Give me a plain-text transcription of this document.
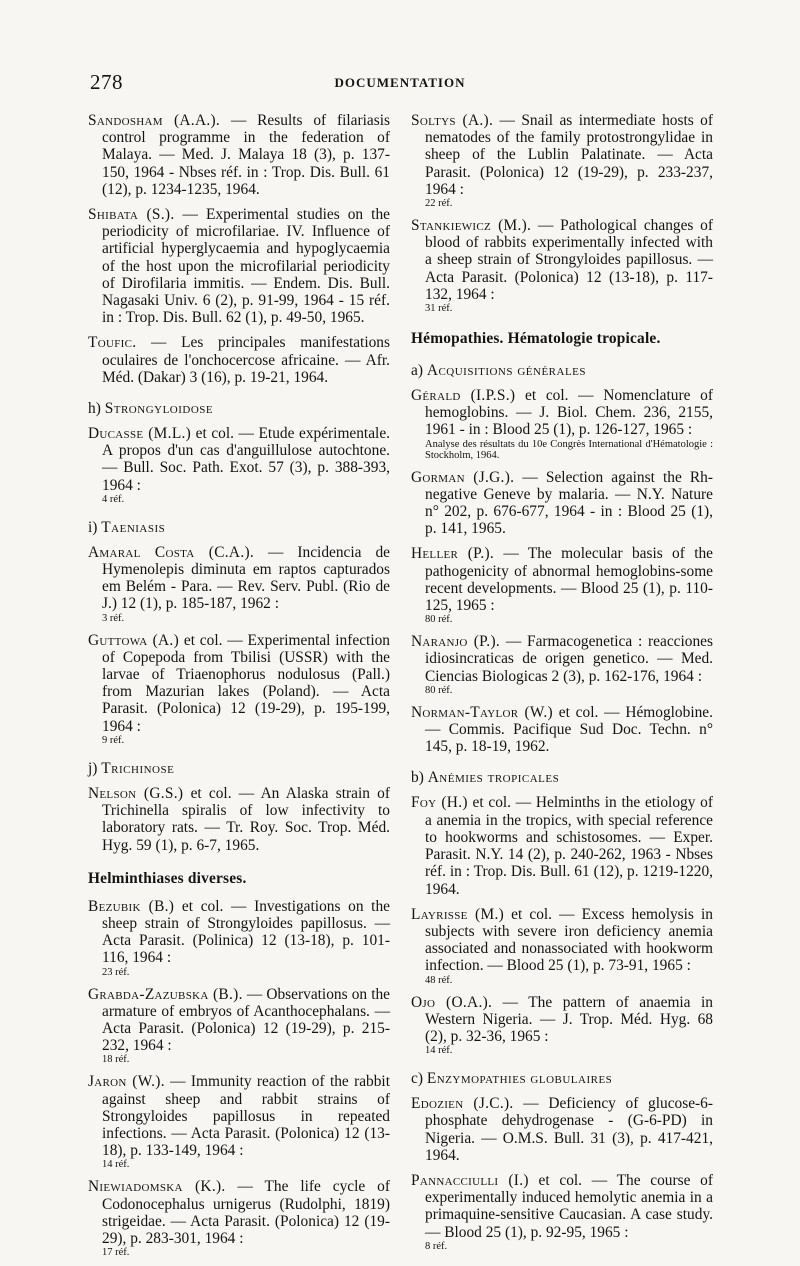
278	DOCUMENTATION
Sandosham (A.A.). — Results of filariasis control programme in the federation of Malaya. — Med. J. Malaya 18 (3), p. 137-150, 1964 - Nbses réf. in : Trop. Dis. Bull. 61 (12), p. 1234-1235, 1964.
Shibata (S.). — Experimental studies on the periodicity of microfilariae. IV. Influence of artificial hyperglycaemia and hypoglycaemia of the host upon the microfilarial periodicity of Dirofilaria immitis. — Endem. Dis. Bull. Nagasaki Univ. 6 (2), p. 91-99, 1964 - 15 réf. in : Trop. Dis. Bull. 62 (1), p. 49-50, 1965.
Toufic. — Les principales manifestations oculaires de l'onchocercose africaine. — Afr. Méd. (Dakar) 3 (16), p. 19-21, 1964.
h) Strongyloidose
Ducasse (M.L.) et col. — Etude expérimentale. A propos d'un cas d'anguillulose autochtone. — Bull. Soc. Path. Exot. 57 (3), p. 388-393, 1964 :
4 réf.
i) Taeniasis
Amaral Costa (C.A.). — Incidencia de Hymenolepis diminuta em raptos capturados em Belém - Para. — Rev. Serv. Publ. (Rio de J.) 12 (1), p. 185-187, 1962 :
3 réf.
Guttowa (A.) et col. — Experimental infection of Copepoda from Tbilisi (USSR) with the larvae of Triaenophorus nodulosus (Pall.) from Mazurian lakes (Poland). — Acta Parasit. (Polonica) 12 (19-29), p. 195-199, 1964 :
9 réf.
j) Trichinose
Nelson (G.S.) et col. — An Alaska strain of Trichinella spiralis of low infectivity to laboratory rats. — Tr. Roy. Soc. Trop. Méd. Hyg. 59 (1), p. 6-7, 1965.
Helminthiases diverses.
Bezubik (B.) et col. — Investigations on the sheep strain of Strongyloides papillosus. — Acta Parasit. (Polinica) 12 (13-18), p. 101-116, 1964 :
23 réf.
Grabda-Zazubska (B.). — Observations on the armature of embryos of Acanthocephalans. — Acta Parasit. (Polonica) 12 (19-29), p. 215-232, 1964 :
18 réf.
Jaron (W.). — Immunity reaction of the rabbit against sheep and rabbit strains of Strongyloides papillosus in repeated infections. — Acta Parasit. (Polonica) 12 (13-18), p. 133-149, 1964 :
14 réf.
Niewiadomska (K.). — The life cycle of Codonocephalus urnigerus (Rudolphi, 1819) strigeidae. — Acta Parasit. (Polonica) 12 (19-29), p. 283-301, 1964 :
17 réf.
Soltys (A.). — Snail as intermediate hosts of nematodes of the family protostrongylidae in sheep of the Lublin Palatinate. — Acta Parasit. (Polonica) 12 (19-29), p. 233-237, 1964 :
22 réf.
Stankiewicz (M.). — Pathological changes of blood of rabbits experimentally infected with a sheep strain of Strongyloides papillosus. — Acta Parasit. (Polonica) 12 (13-18), p. 117-132, 1964 :
31 réf.
Hémopathies. Hématologie tropicale.
a) Acquisitions générales
Gérald (I.P.S.) et col. — Nomenclature of hemoglobins. — J. Biol. Chem. 236, 2155, 1961 - in : Blood 25 (1), p. 126-127, 1965 :
Analyse des résultats du 10e Congrès International d'Hématologie : Stockholm, 1964.
Gorman (J.G.). — Selection against the Rh-negative Geneve by malaria. — N.Y. Nature n° 202, p. 676-677, 1964 - in : Blood 25 (1), p. 141, 1965.
Heller (P.). — The molecular basis of the pathogenicity of abnormal hemoglobins-some recent developments. — Blood 25 (1), p. 110-125, 1965 :
80 réf.
Naranjo (P.). — Farmacogenetica : reacciones idiosincraticas de origen genetico. — Med. Ciencias Biologicas 2 (3), p. 162-176, 1964 :
80 réf.
Norman-Taylor (W.) et col. — Hémoglobine. — Commis. Pacifique Sud Doc. Techn. n° 145, p. 18-19, 1962.
b) Anémies tropicales
Foy (H.) et col. — Helminths in the etiology of a anemia in the tropics, with special reference to hookworms and schistosomes. — Exper. Parasit. N.Y. 14 (2), p. 240-262, 1963 - Nbses réf. in : Trop. Dis. Bull. 61 (12), p. 1219-1220, 1964.
Layrisse (M.) et col. — Excess hemolysis in subjects with severe iron deficiency anemia associated and nonassociated with hookworm infection. — Blood 25 (1), p. 73-91, 1965 :
48 réf.
Ojo (O.A.). — The pattern of anaemia in Western Nigeria. — J. Trop. Méd. Hyg. 68 (2), p. 32-36, 1965 :
14 réf.
c) Enzymopathies globulaires
Edozien (J.C.). — Deficiency of glucose-6-phosphate dehydrogenase - (G-6-PD) in Nigeria. — O.M.S. Bull. 31 (3), p. 417-421, 1964.
Pannacciulli (I.) et col. — The course of experimentally induced hemolytic anemia in a primaquine-sensitive Caucasian. A case study. — Blood 25 (1), p. 92-95, 1965 :
8 réf.
